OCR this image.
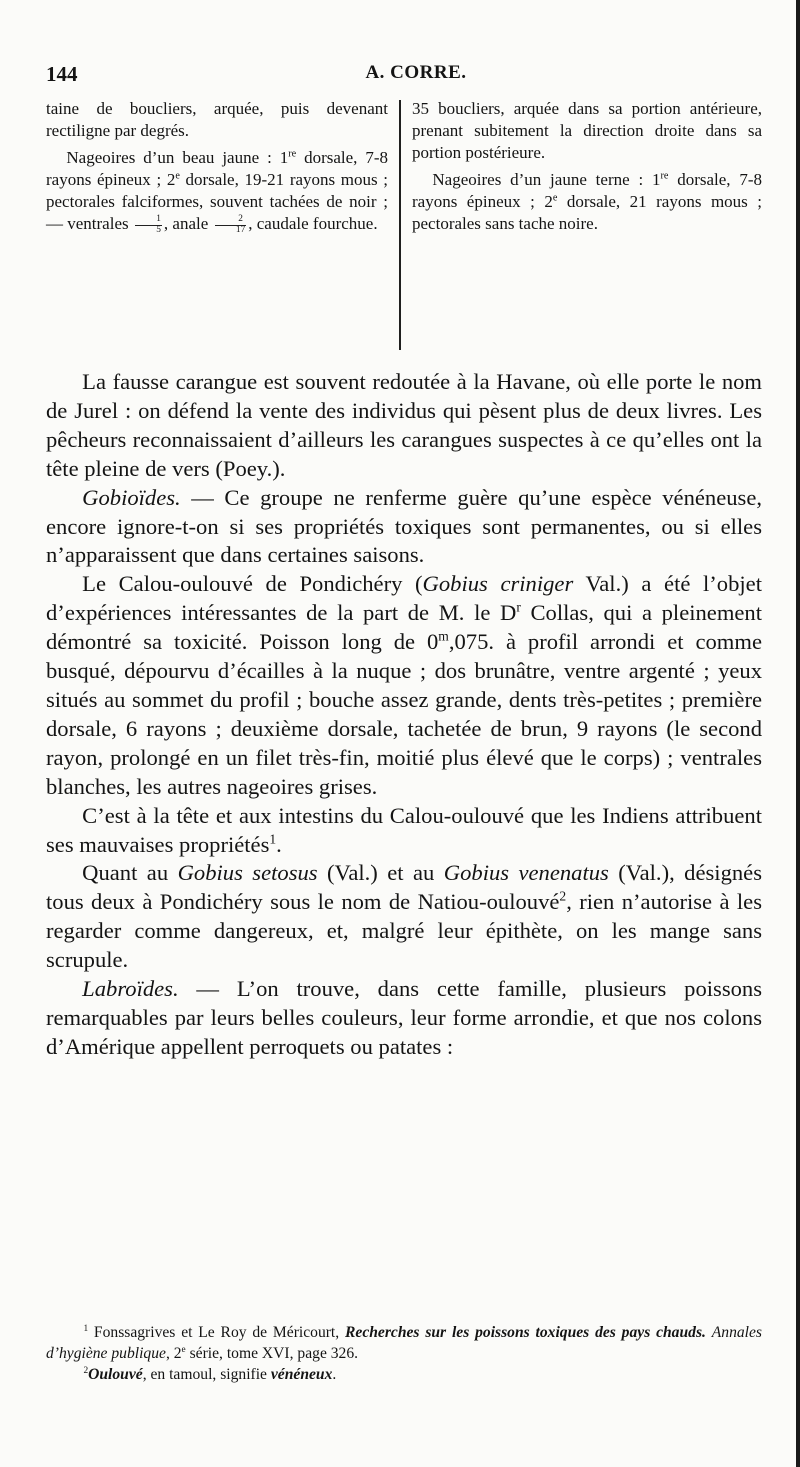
144	A. CORRE.

taine de boucliers, arquée, puis devenant rectiligne par degrés.

Nageoires d’un beau jaune : 1re dorsale, 7-8 rayons épineux ; 2e dorsale, 19-21 rayons mous ; pectorales falciformes, souvent tachées de noir ; — ventrales $\frac{1}{5}$ , anale $\frac{2}{17}$ , caudale fourchue.

35 boucliers, arquée dans sa portion antérieure, prenant subitement la direction droite dans sa portion postérieure.

Nageoires d’un jaune terne : 1re dorsale, 7-8 rayons épineux ; 2e dorsale, 21 rayons mous ; pectorales sans tache noire.

La fausse carangue est souvent redoutée à la Havane, où elle porte le nom de Jurel : on défend la vente des individus qui pèsent plus de deux livres. Les pêcheurs reconnaissaient d’ailleurs les carangues suspectes à ce qu’elles ont la tête pleine de vers (Poey.).

Gobioïdes. — Ce groupe ne renferme guère qu’une espèce vénéneuse, encore ignore-t-on si ses propriétés toxiques sont permanentes, ou si elles n’apparaissent que dans certaines saisons.

Le Calou-oulouvé de Pondichéry (Gobius criniger Val.) a été l’objet d’expériences intéressantes de la part de M. le $D^r$ Collas, qui a pleinement démontré sa toxicité. Poisson long de 0$^m$,075. à profil arrondi et comme busqué, dépourvu d’écailles à la nuque ; dos brunâtre, ventre argenté ; yeux situés au sommet du profil ; bouche assez grande, dents très-petites ; première dorsale, 6 rayons ; deuxième dorsale, tachetée de brun, 9 rayons (le second rayon, prolongé en un filet très-fin, moitié plus élevé que le corps) ; ventrales blanches, les autres nageoires grises.

C’est à la tête et aux intestins du Calou-oulouvé que les Indiens attribuent ses mauvaises propriétés$^1$.

Quant au Gobius setosus (Val.) et au Gobius venenatus (Val.), désignés tous deux à Pondichéry sous le nom de Natiou-oulouvé$^2$, rien n’autorise à les regarder comme dangereux, et, malgré leur épithète, on les mange sans scrupule.

Labroïdes. — L’on trouve, dans cette famille, plusieurs poissons remarquables par leurs belles couleurs, leur forme arrondie, et que nos colons d’Amérique appellent perroquets ou patates :

$^1$ Fonssagrives et Le Roy de Méricourt, Recherches sur les poissons toxiques des pays chauds. Annales d’hygiène publique, 2e série, tome XVI, page 326.

$^2$Oulouvé, en tamoul, signifie vénéneux.
